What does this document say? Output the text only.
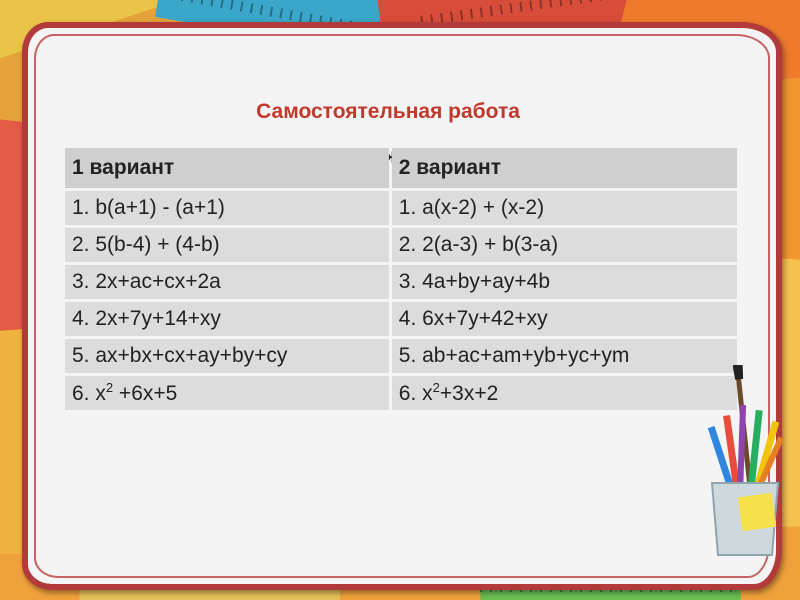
Самостоятельная работа
1 вариант	2 вариант
1. b(a+1) - (a+1)	1. a(x-2) + (x-2)
2. 5(b-4) + (4-b)	2. 2(a-3) + b(3-a)
3. 2x+ac+cx+2a	3. 4a+by+ay+4b
4. 2x+7y+14+xy	4. 6x+7y+42+xy
5. ax+bx+cx+ay+by+cy	5. ab+ac+am+yb+yc+ym
6. $x^2 +6x+5$	6. $x^2+3x+2$
